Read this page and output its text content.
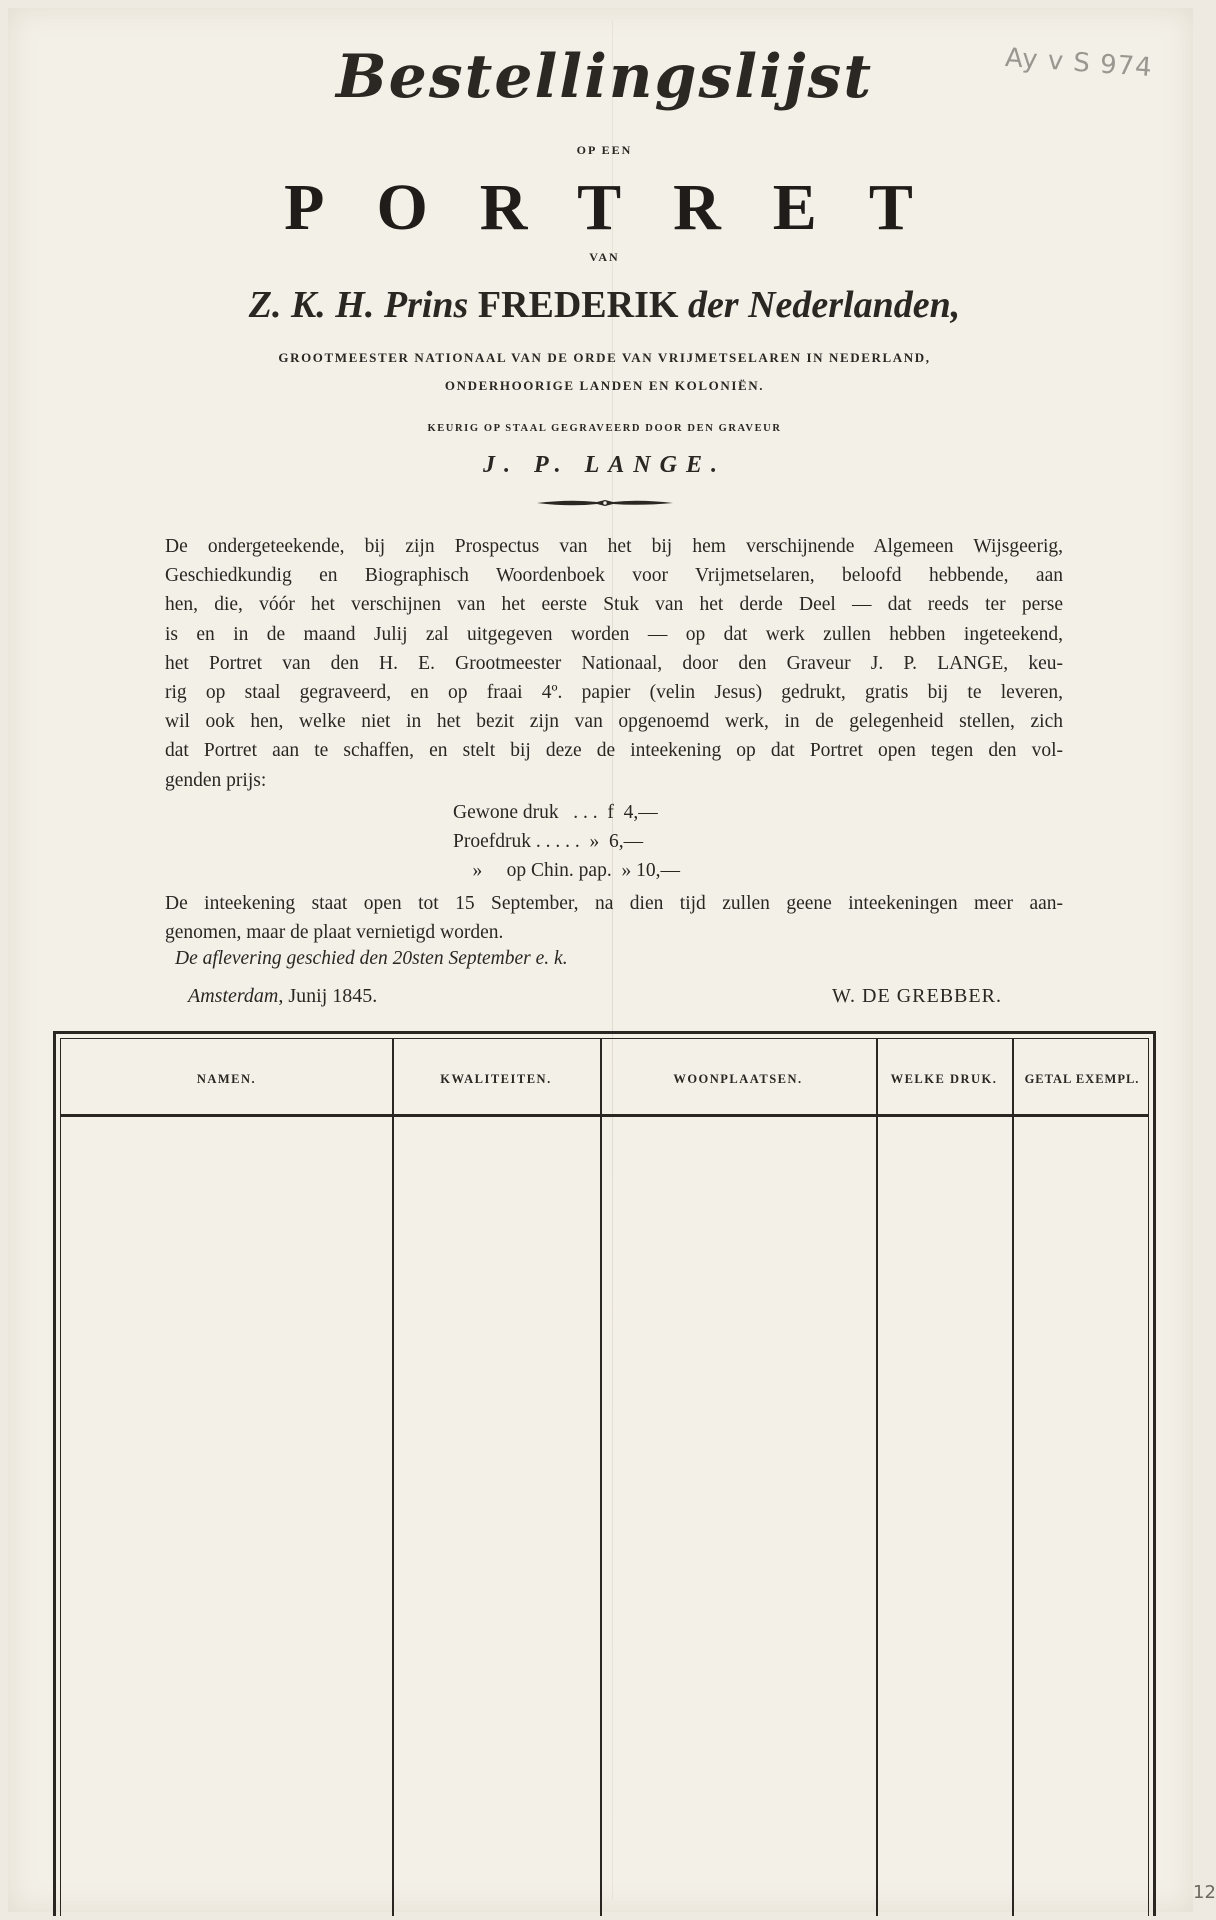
Ay v S 974
Bestellingslijst
OP EEN
PORTRET
VAN
Z. K. H. Prins FREDERIK der Nederlanden,
GROOTMEESTER NATIONAAL VAN DE ORDE VAN VRIJMETSELAREN IN NEDERLAND,
ONDERHOORIGE LANDEN EN KOLONIËN.
KEURIG OP STAAL GEGRAVEERD DOOR DEN GRAVEUR
J. P. LANGE.
De ondergeteekende, bij zijn Prospectus van het bij hem verschijnende Algemeen Wijsgeerig,
Geschiedkundig en Biographisch Woordenboek voor Vrijmetselaren, beloofd hebbende, aan
hen, die, vóór het verschijnen van het eerste Stuk van het derde Deel — dat reeds ter perse
is en in de maand Julij zal uitgegeven worden — op dat werk zullen hebben ingeteekend,
het Portret van den H. E. Grootmeester Nationaal, door den Graveur J. P. LANGE, keu-
rig op staal gegraveerd, en op fraai 4º. papier (velin Jesus) gedrukt, gratis bij te leveren,
wil ook hen, welke niet in het bezit zijn van opgenoemd werk, in de gelegenheid stellen, zich
dat Portret aan te schaffen, en stelt bij deze de inteekening op dat Portret open tegen den vol-
genden prijs:
Gewone druk   . . . f  4,—
Proefdruk . . . . . »  6,—
»     op Chin. pap. » 10,—
De inteekening staat open tot 15 September, na dien tijd zullen geene inteekeningen meer aan-
genomen, maar de plaat vernietigd worden.
De aflevering geschied den 20sten September e. k.
Amsterdam, Junij 1845.	W. DE GREBBER.
NAMEN.	KWALITEITEN.	WOONPLAATSEN.	WELKE DRUK.	GETAL EXEMPL.
12
